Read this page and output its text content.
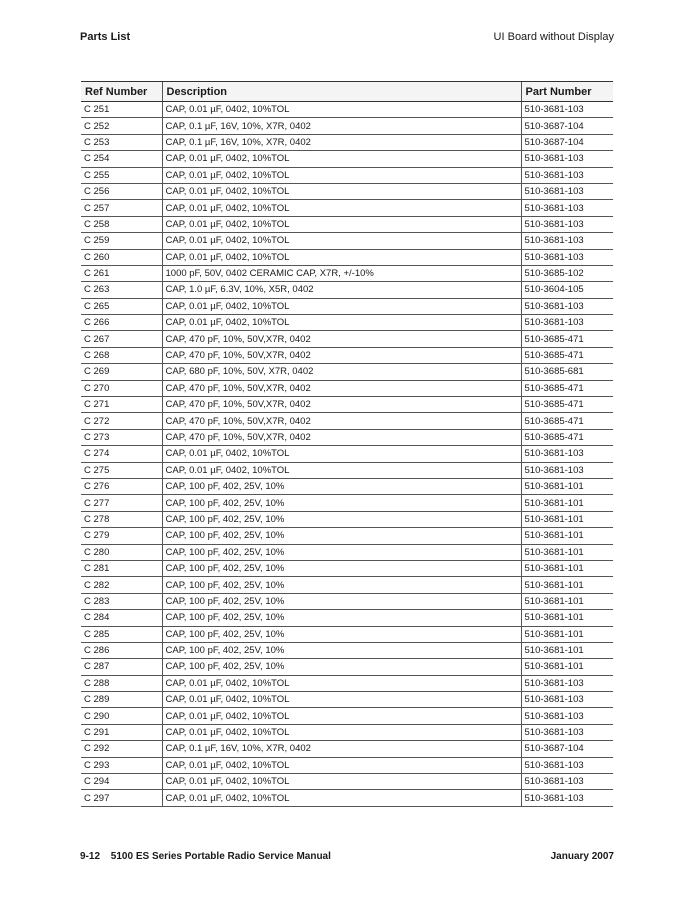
Parts List	UI Board without Display
Ref Number	Description	Part Number
C 251	CAP, 0.01 µF, 0402, 10%TOL	510-3681-103
C 252	CAP, 0.1 µF, 16V, 10%, X7R, 0402	510-3687-104
C 253	CAP, 0.1 µF, 16V, 10%, X7R, 0402	510-3687-104
C 254	CAP, 0.01 µF, 0402, 10%TOL	510-3681-103
C 255	CAP, 0.01 µF, 0402, 10%TOL	510-3681-103
C 256	CAP, 0.01 µF, 0402, 10%TOL	510-3681-103
C 257	CAP, 0.01 µF, 0402, 10%TOL	510-3681-103
C 258	CAP, 0.01 µF, 0402, 10%TOL	510-3681-103
C 259	CAP, 0.01 µF, 0402, 10%TOL	510-3681-103
C 260	CAP, 0.01 µF, 0402, 10%TOL	510-3681-103
C 261	1000 pF, 50V, 0402 CERAMIC CAP, X7R, +/-10%	510-3685-102
C 263	CAP, 1.0 µF, 6.3V, 10%, X5R, 0402	510-3604-105
C 265	CAP, 0.01 µF, 0402, 10%TOL	510-3681-103
C 266	CAP, 0.01 µF, 0402, 10%TOL	510-3681-103
C 267	CAP, 470 pF, 10%, 50V,X7R, 0402	510-3685-471
C 268	CAP, 470 pF, 10%, 50V,X7R, 0402	510-3685-471
C 269	CAP, 680 pF, 10%, 50V, X7R, 0402	510-3685-681
C 270	CAP, 470 pF, 10%, 50V,X7R, 0402	510-3685-471
C 271	CAP, 470 pF, 10%, 50V,X7R, 0402	510-3685-471
C 272	CAP, 470 pF, 10%, 50V,X7R, 0402	510-3685-471
C 273	CAP, 470 pF, 10%, 50V,X7R, 0402	510-3685-471
C 274	CAP, 0.01 µF, 0402, 10%TOL	510-3681-103
C 275	CAP, 0.01 µF, 0402, 10%TOL	510-3681-103
C 276	CAP, 100 pF, 402, 25V, 10%	510-3681-101
C 277	CAP, 100 pF, 402, 25V, 10%	510-3681-101
C 278	CAP, 100 pF, 402, 25V, 10%	510-3681-101
C 279	CAP, 100 pF, 402, 25V, 10%	510-3681-101
C 280	CAP, 100 pF, 402, 25V, 10%	510-3681-101
C 281	CAP, 100 pF, 402, 25V, 10%	510-3681-101
C 282	CAP, 100 pF, 402, 25V, 10%	510-3681-101
C 283	CAP, 100 pF, 402, 25V, 10%	510-3681-101
C 284	CAP, 100 pF, 402, 25V, 10%	510-3681-101
C 285	CAP, 100 pF, 402, 25V, 10%	510-3681-101
C 286	CAP, 100 pF, 402, 25V, 10%	510-3681-101
C 287	CAP, 100 pF, 402, 25V, 10%	510-3681-101
C 288	CAP, 0.01 µF, 0402, 10%TOL	510-3681-103
C 289	CAP, 0.01 µF, 0402, 10%TOL	510-3681-103
C 290	CAP, 0.01 µF, 0402, 10%TOL	510-3681-103
C 291	CAP, 0.01 µF, 0402, 10%TOL	510-3681-103
C 292	CAP, 0.1 µF, 16V, 10%, X7R, 0402	510-3687-104
C 293	CAP, 0.01 µF, 0402, 10%TOL	510-3681-103
C 294	CAP, 0.01 µF, 0402, 10%TOL	510-3681-103
C 297	CAP, 0.01 µF, 0402, 10%TOL	510-3681-103
9-12 5100 ES Series Portable Radio Service Manual	January 2007
